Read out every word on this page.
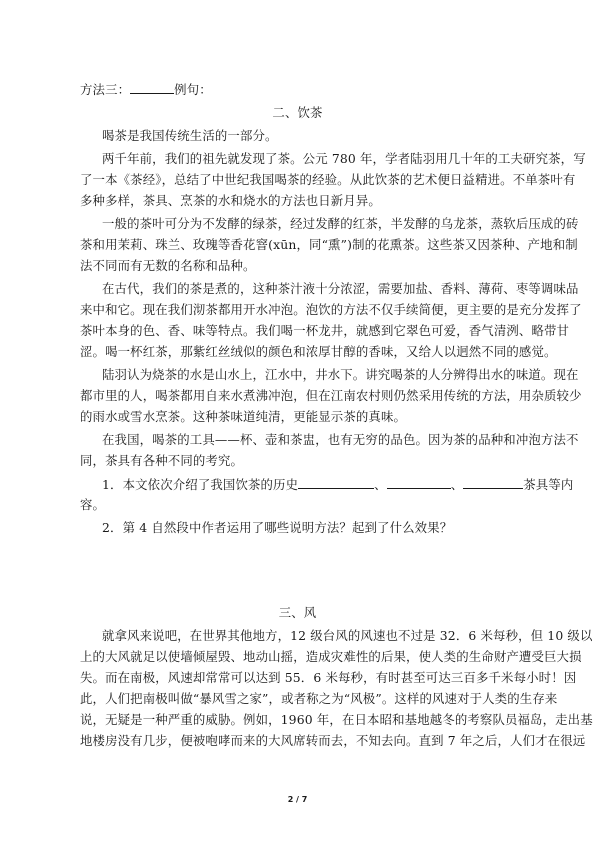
方法三：	例句：
二、饮茶
喝茶是我国传统生活的一部分。
两千年前，我们的祖先就发现了茶。公元 780 年，学者陆羽用几十年的工夫研究茶，写
了一本《茶经》，总结了中世纪我国喝茶的经验。从此饮茶的艺术便日益精进。不单茶叶有
多种多样，茶具、烹茶的水和烧水的方法也日新月异。
一般的茶叶可分为不发酵的绿茶，经过发酵的红茶，半发酵的乌龙茶，蒸软后压成的砖
茶和用茉莉、珠兰、玫瑰等香花窨(xūn，同“熏”)制的花熏茶。这些茶又因茶种、产地和制
法不同而有无数的名称和品种。
在古代，我们的茶是煮的，这种茶汁液十分浓涩，需要加盐、香料、薄荷、枣等调味品
来中和它。现在我们沏茶都用开水冲泡。泡饮的方法不仅手续简便，更主要的是充分发挥了
茶叶本身的色、香、味等特点。我们喝一杯龙井，就感到它翠色可爱，香气清洌、略带甘
涩。喝一杯红茶，那紫红丝绒似的颜色和浓厚甘醇的香味，又给人以迥然不同的感觉。
陆羽认为烧茶的水是山水上，江水中，井水下。讲究喝茶的人分辨得出水的味道。现在
都市里的人，喝茶都用自来水煮沸冲泡，但在江南农村则仍然采用传统的方法，用杂质较少
的雨水或雪水烹茶。这种茶味道纯清，更能显示茶的真味。
在我国，喝茶的工具——杯、壶和茶盅，也有无穷的品色。因为茶的品种和冲泡方法不
同，茶具有各种不同的考究。
1．本文依次介绍了我国饮茶的历史	、	、	茶具等内
容。
2．第 4 自然段中作者运用了哪些说明方法？起到了什么效果？
三、风
就拿风来说吧，在世界其他地方，12 级台风的风速也不过是 32．6 米每秒，但 10 级以
上的大风就足以使墙倾屋毁、地动山摇，造成灾难性的后果，使人类的生命财产遭受巨大损
失。而在南极，风速却常常可以达到 55．6 米每秒，有时甚至可达三百多千米每小时！因
此，人们把南极叫做“暴风雪之家”，或者称之为“风极”。这样的风速对于人类的生存来
说，无疑是一种严重的威胁。例如，1960 年，在日本昭和基地越冬的考察队员福岛，走出基
地楼房没有几步，便被咆哮而来的大风席转而去，不知去向。直到 7 年之后，人们才在很远
2 / 7
